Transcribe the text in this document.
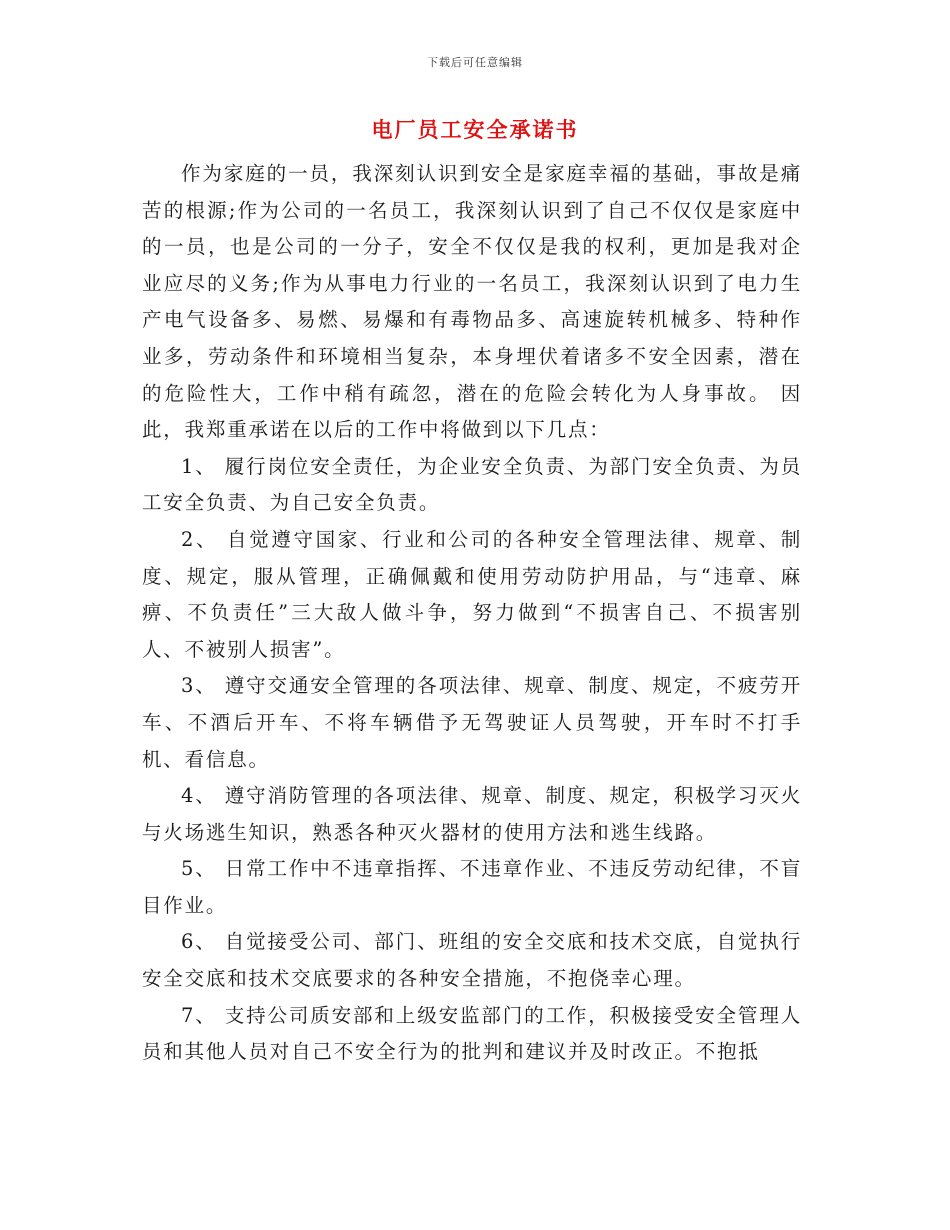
下载后可任意编辑
电厂员工安全承诺书

作为家庭的一员，我深刻认识到安全是家庭幸福的基础，事故是痛苦的根源;作为公司的一名员工，我深刻认识到了自己不仅仅是家庭中的一员，也是公司的一分子，安全不仅仅是我的权利，更加是我对企业应尽的义务;作为从事电力行业的一名员工，我深刻认识到了电力生产电气设备多、易燃、易爆和有毒物品多、高速旋转机械多、特种作业多，劳动条件和环境相当复杂，本身埋伏着诸多不安全因素，潜在的危险性大，工作中稍有疏忽，潜在的危险会转化为人身事故。 因此，我郑重承诺在以后的工作中将做到以下几点：

1、 履行岗位安全责任，为企业安全负责、为部门安全负责、为员工安全负责、为自己安全负责。

2、 自觉遵守国家、行业和公司的各种安全管理法律、规章、制度、规定，服从管理，正确佩戴和使用劳动防护用品，与“违章、麻痹、不负责任”三大敌人做斗争，努力做到“不损害自己、不损害别人、不被别人损害”。

3、 遵守交通安全管理的各项法律、规章、制度、规定，不疲劳开车、不酒后开车、不将车辆借予无驾驶证人员驾驶，开车时不打手机、看信息。

4、 遵守消防管理的各项法律、规章、制度、规定，积极学习灭火与火场逃生知识，熟悉各种灭火器材的使用方法和逃生线路。

5、 日常工作中不违章指挥、不违章作业、不违反劳动纪律，不盲目作业。

6、 自觉接受公司、部门、班组的安全交底和技术交底，自觉执行安全交底和技术交底要求的各种安全措施，不抱侥幸心理。

7、 支持公司质安部和上级安监部门的工作，积极接受安全管理人员和其他人员对自己不安全行为的批判和建议并及时改正。不抱抵
